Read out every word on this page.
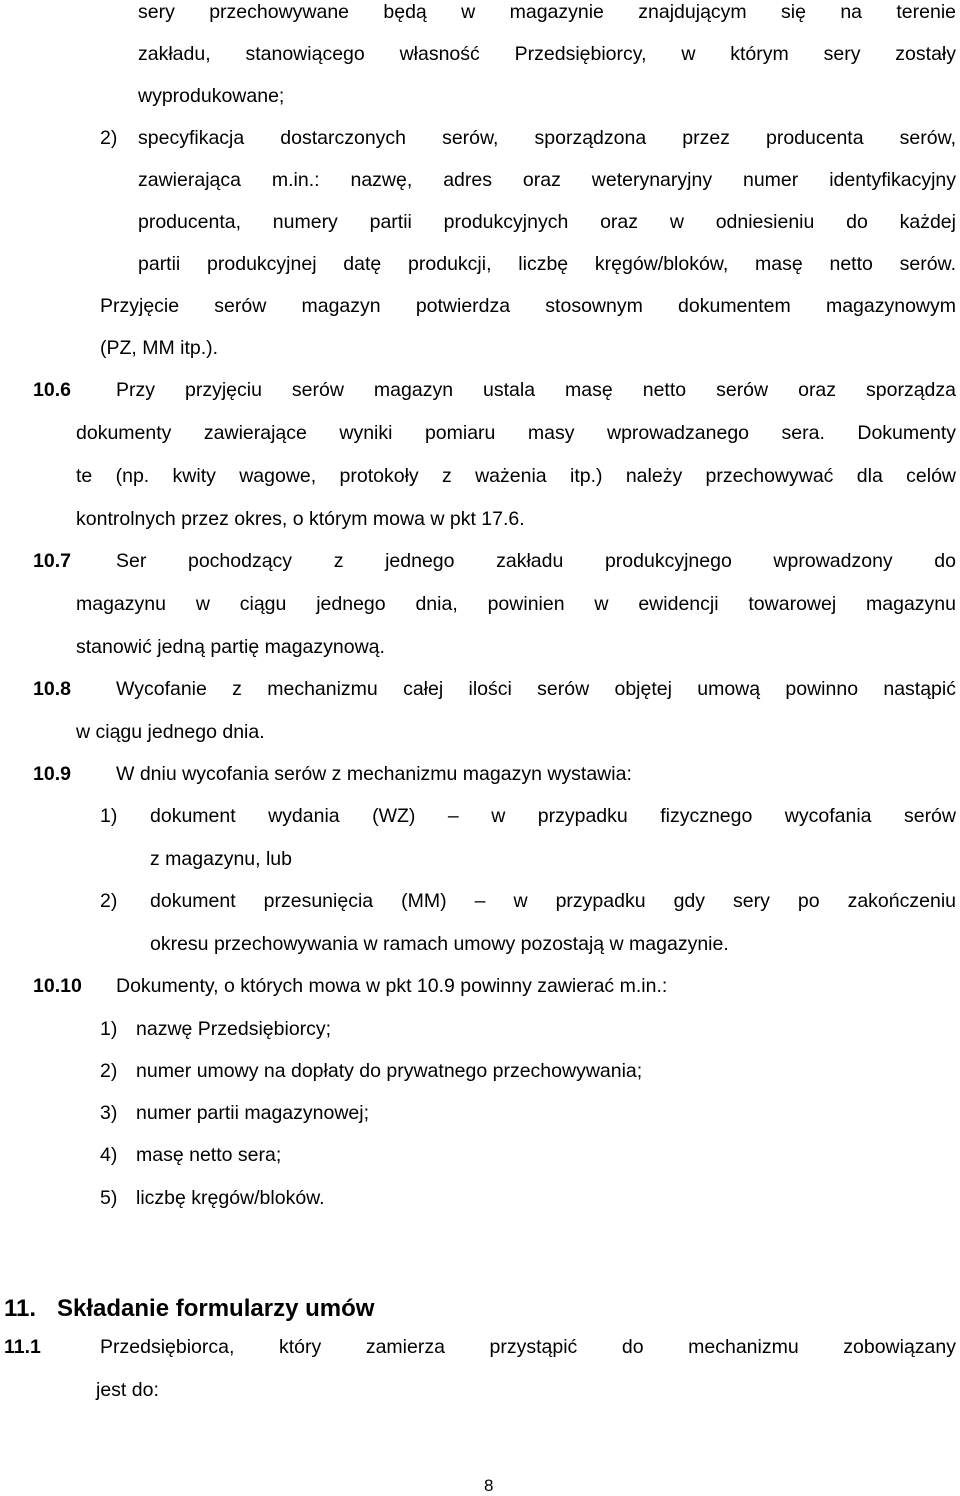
sery przechowywane będą w magazynie znajdującym się na terenie
zakładu, stanowiącego własność Przedsiębiorcy, w którym sery zostały
wyprodukowane;
2) specyfikacja dostarczonych serów, sporządzona przez producenta serów,
zawierająca m.in.: nazwę, adres oraz weterynaryjny numer identyfikacyjny
producenta, numery partii produkcyjnych oraz w odniesieniu do każdej
partii produkcyjnej datę produkcji, liczbę kręgów/bloków, masę netto serów.
Przyjęcie serów magazyn potwierdza stosownym dokumentem magazynowym
(PZ, MM itp.).
10.6 Przy przyjęciu serów magazyn ustala masę netto serów oraz sporządza
dokumenty zawierające wyniki pomiaru masy wprowadzanego sera. Dokumenty
te (np. kwity wagowe, protokoły z ważenia itp.) należy przechowywać dla celów
kontrolnych przez okres, o którym mowa w pkt 17.6.
10.7 Ser pochodzący z jednego zakładu produkcyjnego wprowadzony do
magazynu w ciągu jednego dnia, powinien w ewidencji towarowej magazynu
stanowić jedną partię magazynową.
10.8 Wycofanie z mechanizmu całej ilości serów objętej umową powinno nastąpić
w ciągu jednego dnia.
10.9 W dniu wycofania serów z mechanizmu magazyn wystawia:
1) dokument wydania (WZ) – w przypadku fizycznego wycofania serów
z magazynu, lub
2) dokument przesunięcia (MM) – w przypadku gdy sery po zakończeniu
okresu przechowywania w ramach umowy pozostają w magazynie.
10.10 Dokumenty, o których mowa w pkt 10.9 powinny zawierać m.in.:
1) nazwę Przedsiębiorcy;
2) numer umowy na dopłaty do prywatnego przechowywania;
3) numer partii magazynowej;
4) masę netto sera;
5) liczbę kręgów/bloków.
11. Składanie formularzy umów
11.1	Przedsiębiorca, który zamierza przystąpić do mechanizmu zobowiązany
jest do:
8
